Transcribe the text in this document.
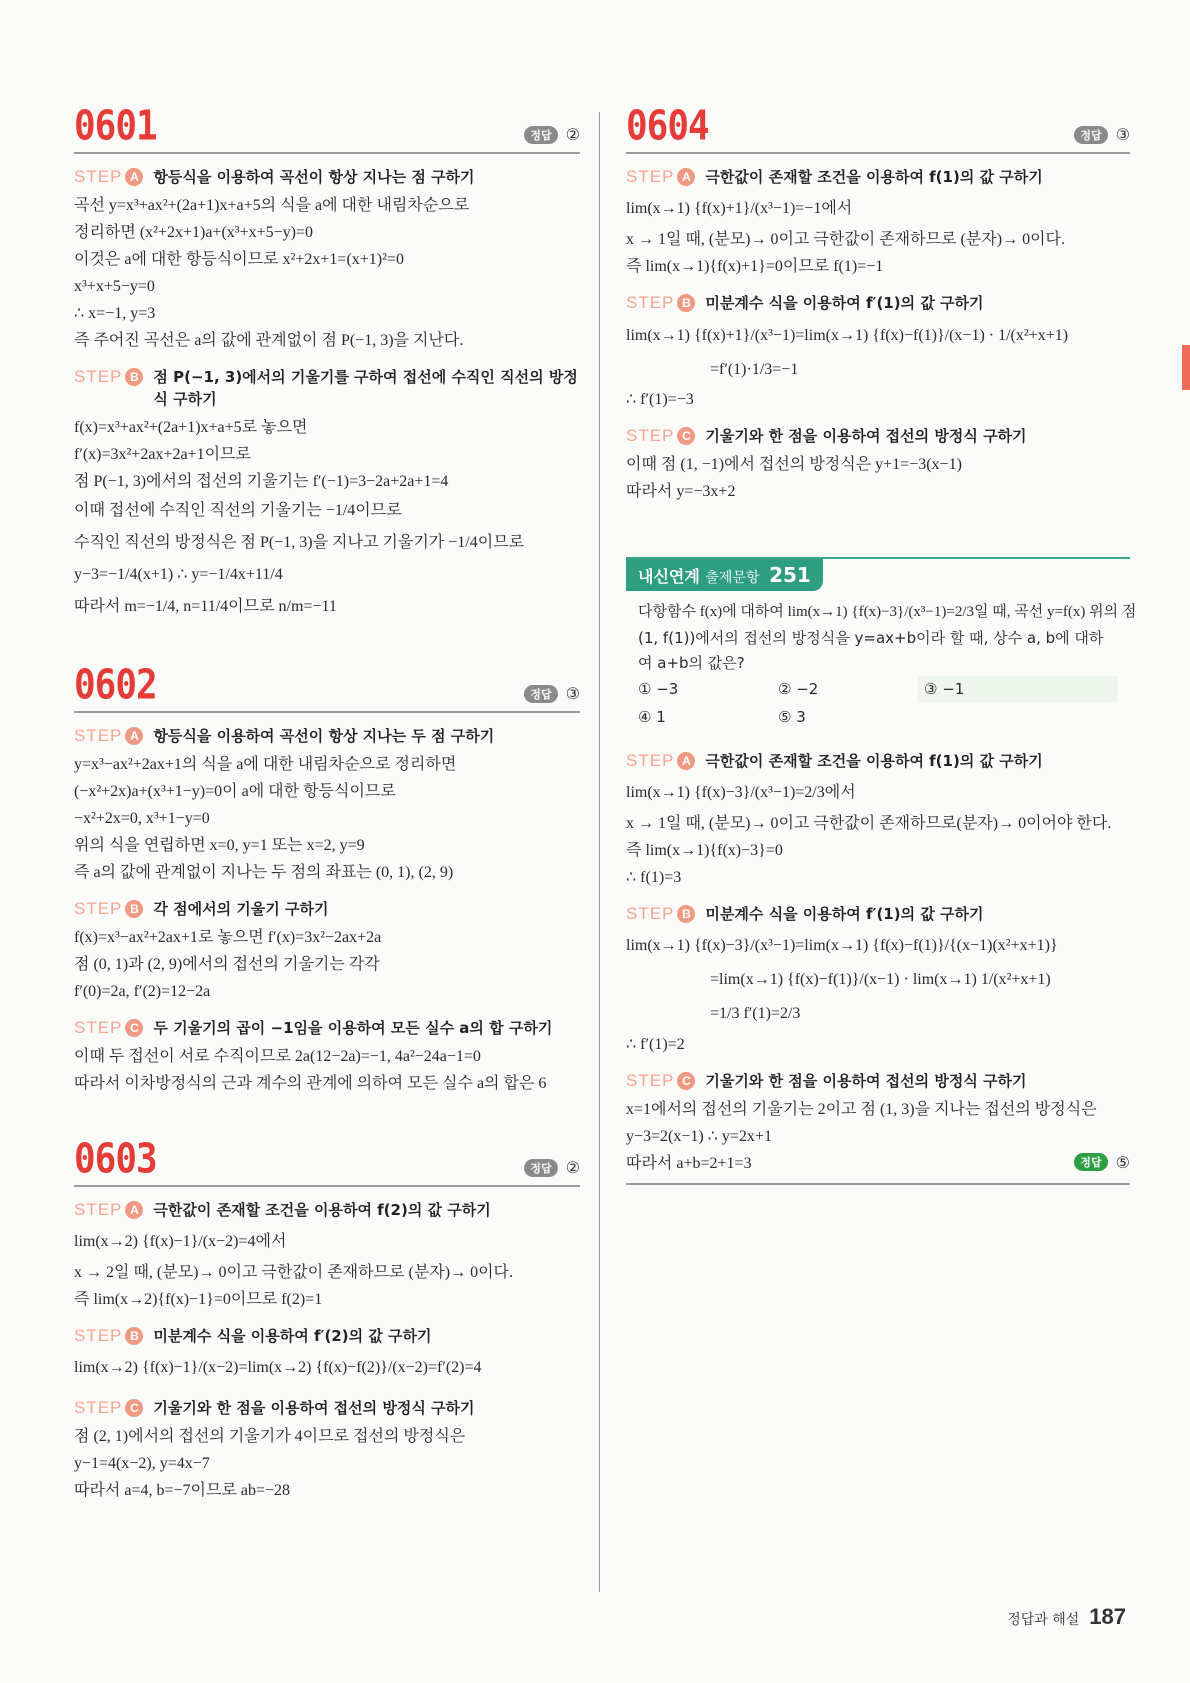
0601	정답 ②
STEP A 항등식을 이용하여 곡선이 항상 지나는 점 구하기
곡선 y=x³+ax²+(2a+1)x+a+5의 식을 a에 대한 내림차순으로
정리하면 (x²+2x+1)a+(x³+x+5−y)=0
이것은 a에 대한 항등식이므로 x²+2x+1=(x+1)²=0
x³+x+5−y=0
∴ x=−1, y=3
즉 주어진 곡선은 a의 값에 관계없이 점 P(−1, 3)을 지난다.
STEP B 점 P(−1, 3)에서의 기울기를 구하여 접선에 수직인 직선의 방정식 구하기
f(x)=x³+ax²+(2a+1)x+a+5로 놓으면
f′(x)=3x²+2ax+2a+1이므로
점 P(−1, 3)에서의 접선의 기울기는 f′(−1)=3−2a+2a+1=4
이때 접선에 수직인 직선의 기울기는 −1/4이므로
수직인 직선의 방정식은 점 P(−1, 3)을 지나고 기울기가 −1/4이므로
y−3=−1/4(x+1) ∴ y=−1/4x+11/4
따라서 m=−1/4, n=11/4이므로 n/m=−11
0602	정답 ③
STEP A 항등식을 이용하여 곡선이 항상 지나는 두 점 구하기
y=x³−ax²+2ax+1의 식을 a에 대한 내림차순으로 정리하면
(−x²+2x)a+(x³+1−y)=0이 a에 대한 항등식이므로
−x²+2x=0, x³+1−y=0
위의 식을 연립하면 x=0, y=1 또는 x=2, y=9
즉 a의 값에 관계없이 지나는 두 점의 좌표는 (0, 1), (2, 9)
STEP B 각 점에서의 기울기 구하기
f(x)=x³−ax²+2ax+1로 놓으면 f′(x)=3x²−2ax+2a
점 (0, 1)과 (2, 9)에서의 접선의 기울기는 각각
f′(0)=2a, f′(2)=12−2a
STEP C 두 기울기의 곱이 −1임을 이용하여 모든 실수 a의 합 구하기
이때 두 접선이 서로 수직이므로 2a(12−2a)=−1, 4a²−24a−1=0
따라서 이차방정식의 근과 계수의 관계에 의하여 모든 실수 a의 합은 6
0603	정답 ②
STEP A 극한값이 존재할 조건을 이용하여 f(2)의 값 구하기
lim(x→2) {f(x)−1}/(x−2)=4에서
x → 2일 때, (분모)→ 0이고 극한값이 존재하므로 (분자)→ 0이다.
즉 lim(x→2){f(x)−1}=0이므로 f(2)=1
STEP B 미분계수 식을 이용하여 f′(2)의 값 구하기
lim(x→2) {f(x)−1}/(x−2)=lim(x→2) {f(x)−f(2)}/(x−2)=f′(2)=4
STEP C 기울기와 한 점을 이용하여 접선의 방정식 구하기
점 (2, 1)에서의 접선의 기울기가 4이므로 접선의 방정식은
y−1=4(x−2), y=4x−7
따라서 a=4, b=−7이므로 ab=−28
0604	정답 ③
STEP A 극한값이 존재할 조건을 이용하여 f(1)의 값 구하기
lim(x→1) {f(x)+1}/(x³−1)=−1에서
x → 1일 때, (분모)→ 0이고 극한값이 존재하므로 (분자)→ 0이다.
즉 lim(x→1){f(x)+1}=0이므로 f(1)=−1
STEP B 미분계수 식을 이용하여 f′(1)의 값 구하기
lim(x→1) {f(x)+1}/(x³−1)=lim(x→1) {f(x)−f(1)}/(x−1) · 1/(x²+x+1)
=f′(1)·1/3=−1
∴ f′(1)=−3
STEP C 기울기와 한 점을 이용하여 접선의 방정식 구하기
이때 점 (1, −1)에서 접선의 방정식은 y+1=−3(x−1)
따라서 y=−3x+2
내신연계 출제문항 251
다항함수 f(x)에 대하여 lim(x→1) {f(x)−3}/(x³−1)=2/3일 때, 곡선 y=f(x) 위의 점
(1, f(1))에서의 접선의 방정식을 y=ax+b이라 할 때, 상수 a, b에 대하
여 a+b의 값은?
① −3	② −2	③ −1
④ 1	⑤ 3
STEP A 극한값이 존재할 조건을 이용하여 f(1)의 값 구하기
lim(x→1) {f(x)−3}/(x³−1)=2/3에서
x → 1일 때, (분모)→ 0이고 극한값이 존재하므로(분자)→ 0이어야 한다.
즉 lim(x→1){f(x)−3}=0
∴ f(1)=3
STEP B 미분계수 식을 이용하여 f′(1)의 값 구하기
lim(x→1) {f(x)−3}/(x³−1)=lim(x→1) {f(x)−f(1)}/{(x−1)(x²+x+1)}
=lim(x→1) {f(x)−f(1)}/(x−1) · lim(x→1) 1/(x²+x+1)
=1/3 f′(1)=2/3
∴ f′(1)=2
STEP C 기울기와 한 점을 이용하여 접선의 방정식 구하기
x=1에서의 접선의 기울기는 2이고 점 (1, 3)을 지나는 접선의 방정식은
y−3=2(x−1) ∴ y=2x+1
따라서 a+b=2+1=3	정답 ⑤
정답과 해설 187
